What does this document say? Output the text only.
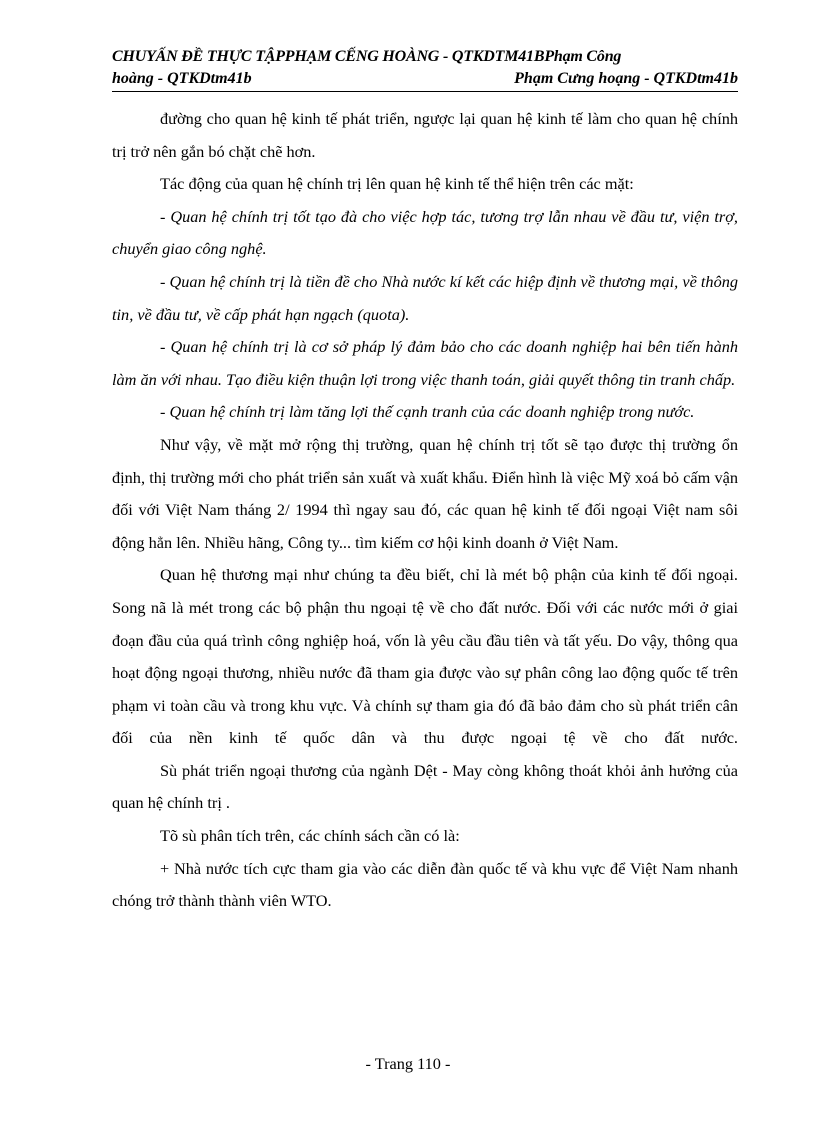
CHUYẤN ĐỀ THỰC TẬPPHẠM CẾNG HOÀNG - QTKDTM41BPhạm Công
hoàng - QTKDtm41b	Phạm Cưng hoạng - QTKDtm41b

đường cho quan hệ kinh tế phát triển, ngược lại quan hệ kinh tế làm cho quan hệ chính trị trở nên gắn bó chặt chẽ hơn.

Tác động của quan hệ chính trị lên quan hệ kinh tế thể hiện trên các mặt:

- Quan hệ chính trị tốt tạo đà cho việc hợp tác, tương trợ lẫn nhau về đầu tư, viện trợ, chuyển giao công nghệ.

- Quan hệ chính trị là tiền đề cho Nhà nước kí kết các hiệp định về thương mại, về thông tin, về đầu tư, về cấp phát hạn ngạch (quota).

- Quan hệ chính trị là cơ sở pháp lý đảm bảo cho các doanh nghiệp hai bên tiến hành làm ăn với nhau. Tạo điều kiện thuận lợi trong việc thanh toán, giải quyết thông tin tranh chấp.

- Quan hệ chính trị làm tăng lợi thế cạnh tranh của các doanh nghiệp trong nước.

Như vậy, về mặt mở rộng thị trường, quan hệ chính trị tốt sẽ tạo được thị trường ổn định, thị trường mới cho phát triển sản xuất và xuất khẩu. Điển hình là việc Mỹ xoá bỏ cấm vận đối với Việt Nam tháng 2/ 1994 thì ngay sau đó, các quan hệ kinh tế đối ngoại Việt nam sôi động hẳn lên. Nhiều hãng, Công ty... tìm kiếm cơ hội kinh doanh ở Việt Nam.

Quan hệ thương mại như chúng ta đều biết, chỉ là mét bộ phận của kinh tế đối ngoại. Song nã là mét trong các bộ phận thu ngoại tệ về cho đất nước. Đối với các nước mới ở giai đoạn đầu của quá trình công nghiệp hoá, vốn là yêu cầu đầu tiên và tất yếu. Do vậy, thông qua hoạt động ngoại thương, nhiều nước đã tham gia được vào sự phân công lao động quốc tế trên phạm vi toàn cầu và trong khu vực. Và chính sự tham gia đó đã bảo đảm cho sù phát triển cân đối của nền kinh tế quốc dân và thu được ngoại tệ về cho đất nước.

Sù phát triển ngoại thương của ngành Dệt - May còng không thoát khỏi ảnh hưởng của quan hệ chính trị .

Tõ sù phân tích trên, các chính sách cần có là:

+ Nhà nước tích cực tham gia vào các diễn đàn quốc tế và khu vực để Việt Nam nhanh chóng trở thành thành viên WTO.

- Trang 110 -
